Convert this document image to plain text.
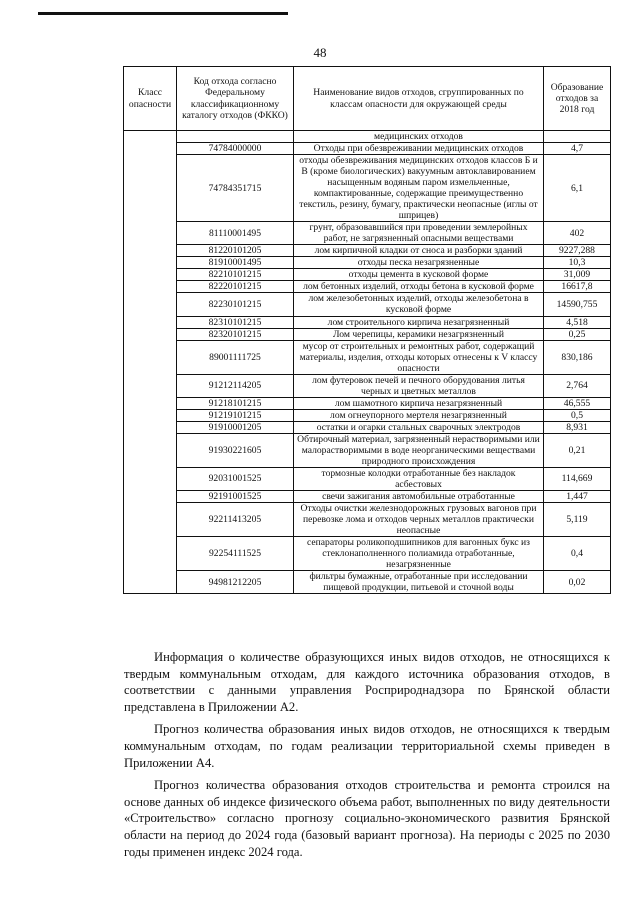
48
Класс опасности	Код отхода согласно Федеральному классификационному каталогу отходов (ФККО)	Наименование видов отходов, сгруппированных по классам опасности для окружающей среды	Образование отходов за 2018 год
		медицинских отходов	
	74784000000	Отходы при обезвреживании медицинских отходов	4,7
	74784351715	отходы обезвреживания медицинских отходов классов Б и В (кроме биологических) вакуумным автоклавированием насыщенным водяным паром измельченные, компактированные, содержащие преимущественно текстиль, резину, бумагу, практически неопасные (иглы от шприцев)	6,1
	81110001495	грунт, образовавшийся при проведении землеройных работ, не загрязненный опасными веществами	402
	81220101205	лом кирпичной кладки от сноса и разборки зданий	9227,288
	81910001495	отходы песка незагрязненные	10,3
	82210101215	отходы цемента в кусковой форме	31,009
	82220101215	лом бетонных изделий, отходы бетона в кусковой форме	16617,8
	82230101215	лом железобетонных изделий, отходы железобетона в кусковой форме	14590,755
	82310101215	лом строительного кирпича незагрязненный	4,518
	82320101215	Лом черепицы, керамики незагрязненный	0,25
	89001111725	мусор от строительных и ремонтных работ, содержащий материалы, изделия, отходы которых отнесены к V классу опасности	830,186
	91212114205	лом футеровок печей и печного оборудования литья черных и цветных металлов	2,764
	91218101215	лом шамотного кирпича незагрязненный	46,555
	91219101215	лом огнеупорного мертеля незагрязненный	0,5
	91910001205	остатки и огарки стальных сварочных электродов	8,931
	91930221605	Обтирочный материал, загрязненный нерастворимыми или малорастворимыми в воде неорганическими веществами природного происхождения	0,21
	92031001525	тормозные колодки отработанные без накладок асбестовых	114,669
	92191001525	свечи зажигания автомобильные отработанные	1,447
	92211413205	Отходы очистки железнодорожных грузовых вагонов при перевозке лома и отходов черных металлов практически неопасные	5,119
	92254111525	сепараторы роликоподшипников для вагонных букс из стеклонаполненного полиамида отработанные, незагрязненные	0,4
	94981212205	фильтры бумажные, отработанные при исследовании пищевой продукции, питьевой и сточной воды	0,02

Информация о количестве образующихся иных видов отходов, не относящихся к твердым коммунальным отходам, для каждого источника образования отходов, в соответствии с данными управления Росприроднадзора по Брянской области представлена в Приложении А2.

Прогноз количества образования иных видов отходов, не относящихся к твердым коммунальным отходам, по годам реализации территориальной схемы приведен в Приложении А4.

Прогноз количества образования отходов строительства и ремонта строился на основе данных об индексе физического объема работ, выполненных по виду деятельности «Строительство» согласно прогнозу социально-экономического развития Брянской области на период до 2024 года (базовый вариант прогноза). На периоды с 2025 по 2030 годы применен индекс 2024 года.
